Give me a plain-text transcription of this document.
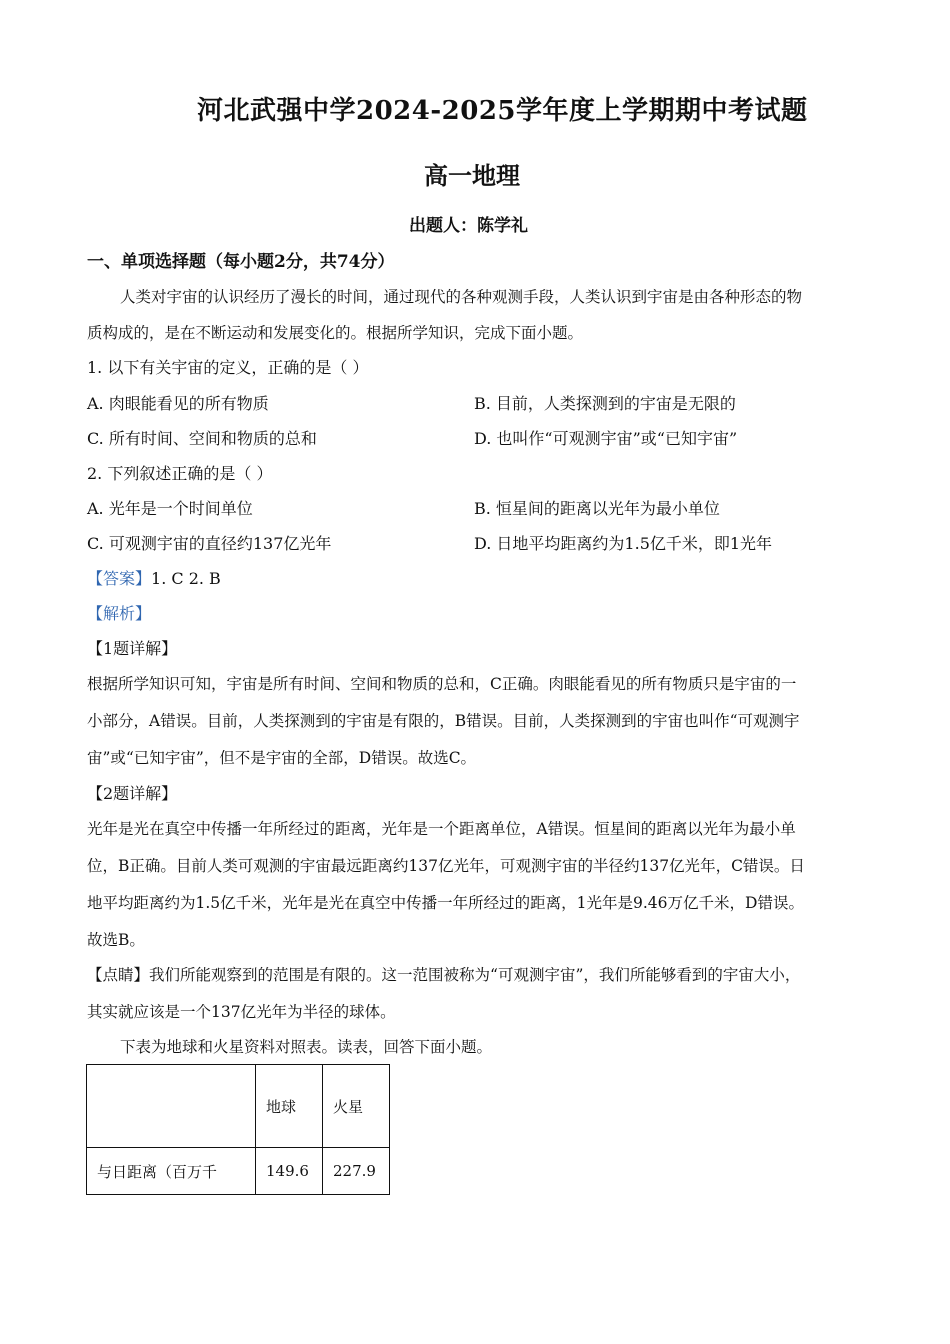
河北武强中学2024-2025学年度上学期期中考试题
高一地理
出题人：陈学礼
一、单项选择题（每小题2分，共74分）
人类对宇宙的认识经历了漫长的时间，通过现代的各种观测手段，人类认识到宇宙是由各种形态的物
质构成的，是在不断运动和发展变化的。根据所学知识，完成下面小题。
1. 以下有关宇宙的定义，正确的是（ ）
A. 肉眼能看见的所有物质	B. 目前，人类探测到的宇宙是无限的
C. 所有时间、空间和物质的总和	D. 也叫作“可观测宇宙”或“已知宇宙”
2. 下列叙述正确的是（ ）
A. 光年是一个时间单位	B. 恒星间的距离以光年为最小单位
C. 可观测宇宙的直径约137亿光年	D. 日地平均距离约为1.5亿千米，即1光年
【答案】1. C 2. B
【解析】
【1题详解】
根据所学知识可知，宇宙是所有时间、空间和物质的总和，C正确。肉眼能看见的所有物质只是宇宙的一
小部分，A错误。目前，人类探测到的宇宙是有限的，B错误。目前，人类探测到的宇宙也叫作“可观测宇
宙”或“已知宇宙”，但不是宇宙的全部，D错误。故选C。
【2题详解】
光年是光在真空中传播一年所经过的距离，光年是一个距离单位，A错误。恒星间的距离以光年为最小单
位，B正确。目前人类可观测的宇宙最远距离约137亿光年，可观测宇宙的半径约137亿光年，C错误。日
地平均距离约为1.5亿千米，光年是光在真空中传播一年所经过的距离，1光年是9.46万亿千米，D错误。
故选B。
【点睛】我们所能观察到的范围是有限的。这一范围被称为“可观测宇宙”，我们所能够看到的宇宙大小，
其实就应该是一个137亿光年为半径的球体。
下表为地球和火星资料对照表。读表，回答下面小题。
	地球	火星
与日距离（百万千	149.6	227.9
